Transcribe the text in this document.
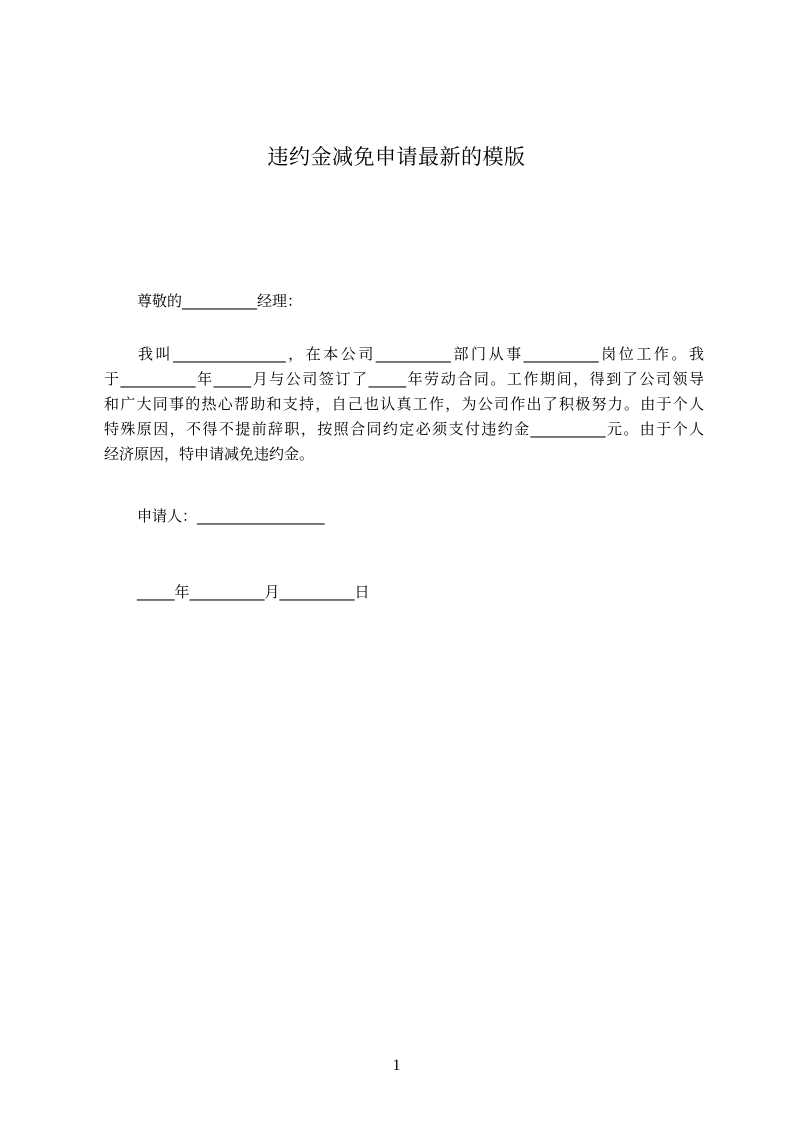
违约金减免申请最新的模版
尊敬的__________经理：
我叫_______________，在本公司__________部门从事__________岗位工作。我
于__________年_____月与公司签订了_____年劳动合同。工作期间，得到了公司领导
和广大同事的热心帮助和支持，自己也认真工作，为公司作出了积极努力。由于个人
特殊原因，不得不提前辞职，按照合同约定必须支付违约金__________元。由于个人
经济原因，特申请减免违约金。
申请人：_________________
_____年__________月__________日
1
